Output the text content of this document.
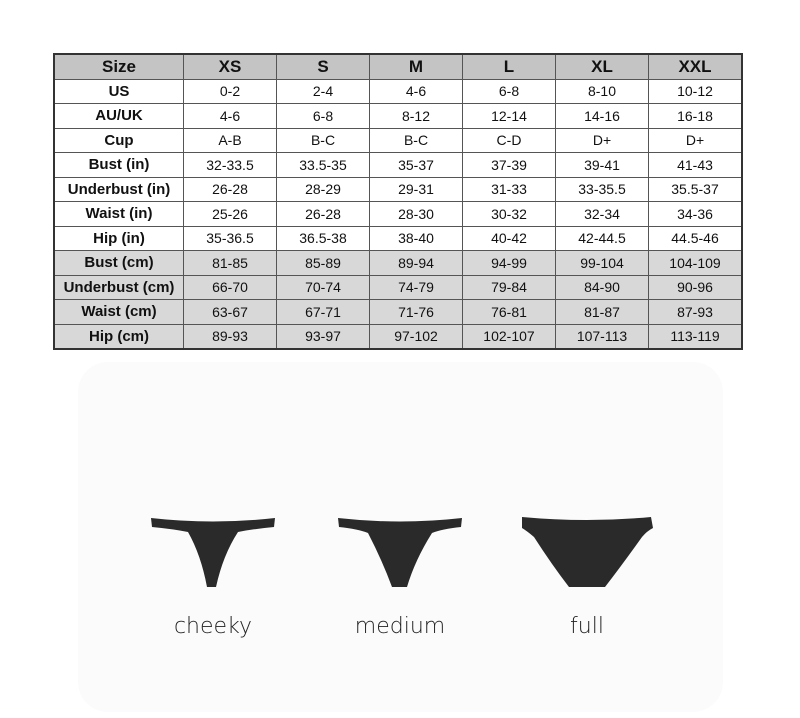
Size	XS	S	M	L	XL	XXL
US	0-2	2-4	4-6	6-8	8-10	10-12
AU/UK	4-6	6-8	8-12	12-14	14-16	16-18
Cup	A-B	B-C	B-C	C-D	D+	D+
Bust (in)	32-33.5	33.5-35	35-37	37-39	39-41	41-43
Underbust (in)	26-28	28-29	29-31	31-33	33-35.5	35.5-37
Waist (in)	25-26	26-28	28-30	30-32	32-34	34-36
Hip (in)	35-36.5	36.5-38	38-40	40-42	42-44.5	44.5-46
Bust (cm)	81-85	85-89	89-94	94-99	99-104	104-109
Underbust (cm)	66-70	70-74	74-79	79-84	84-90	90-96
Waist (cm)	63-67	67-71	71-76	76-81	81-87	87-93
Hip (cm)	89-93	93-97	97-102	102-107	107-113	113-119
cheeky	medium	full
